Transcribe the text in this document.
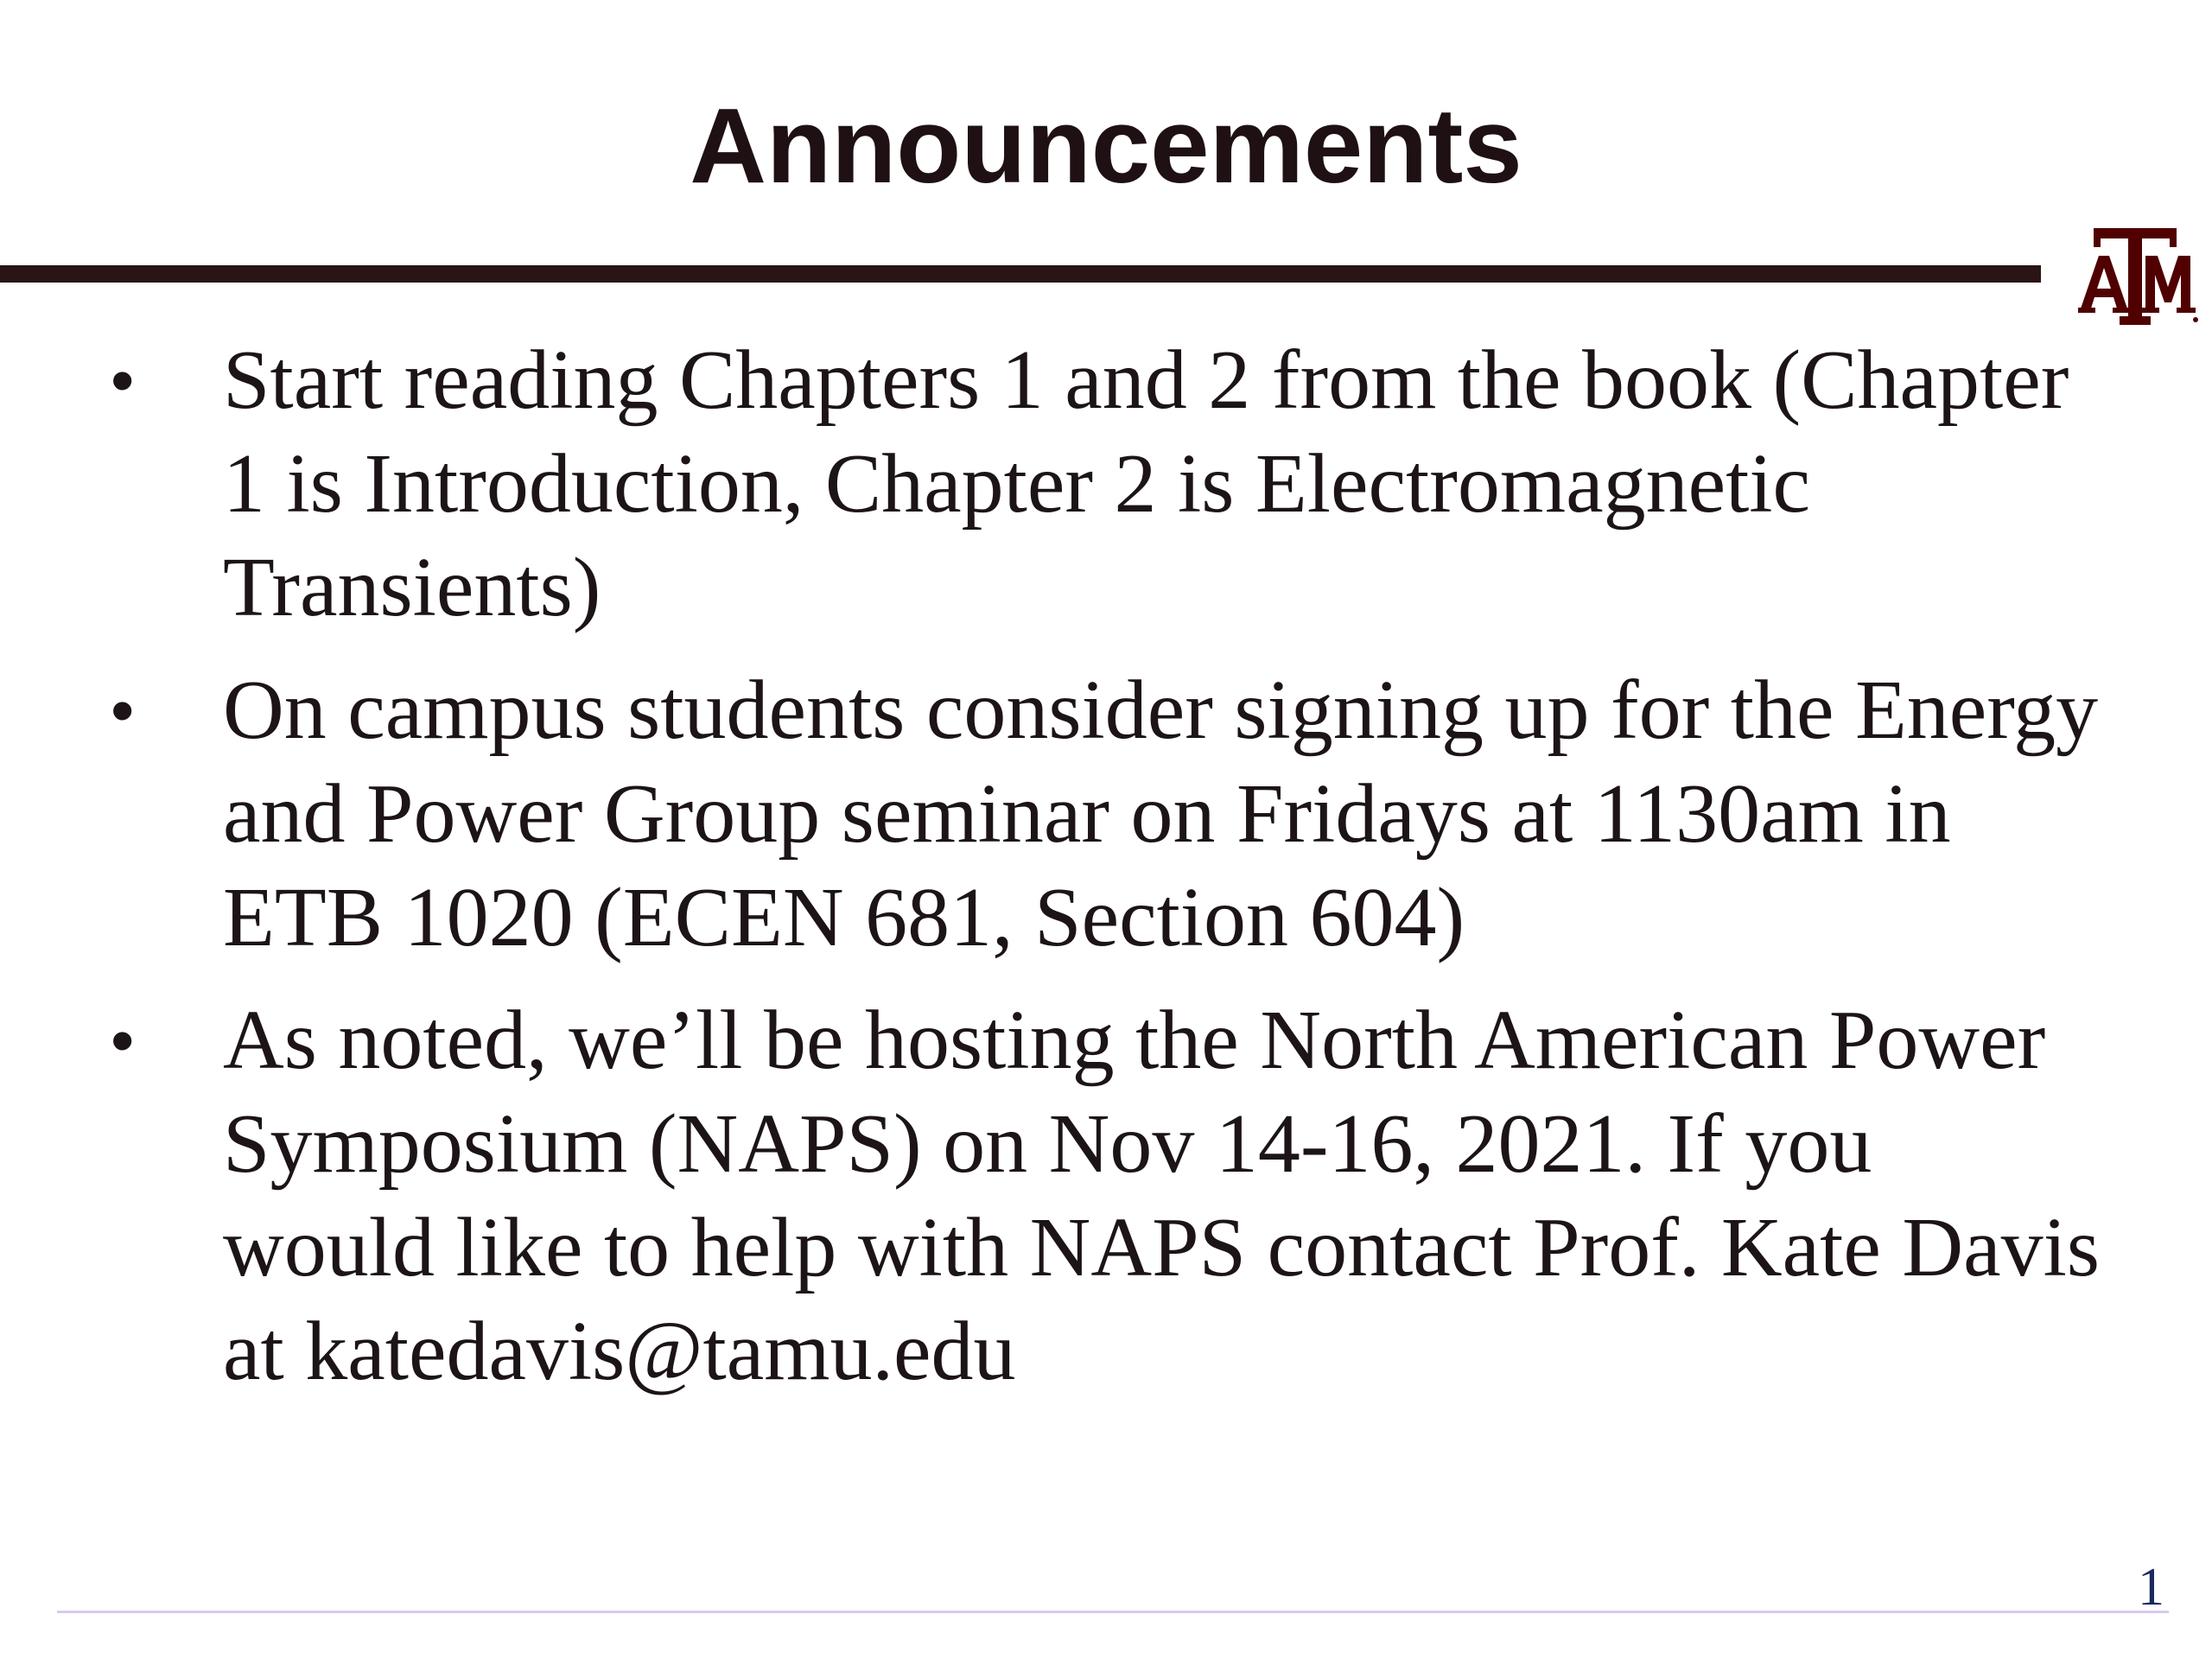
Announcements
• Start reading Chapters 1 and 2 from the book (Chapter
1 is Introduction, Chapter 2 is Electromagnetic
Transients)
• On campus students consider signing up for the Energy
and Power Group seminar on Fridays at 1130am in
ETB 1020 (ECEN 681, Section 604)
• As noted, we’ll be hosting the North American Power
Symposium (NAPS) on Nov 14-16, 2021. If you
would like to help with NAPS contact Prof. Kate Davis
at katedavis@tamu.edu
1
